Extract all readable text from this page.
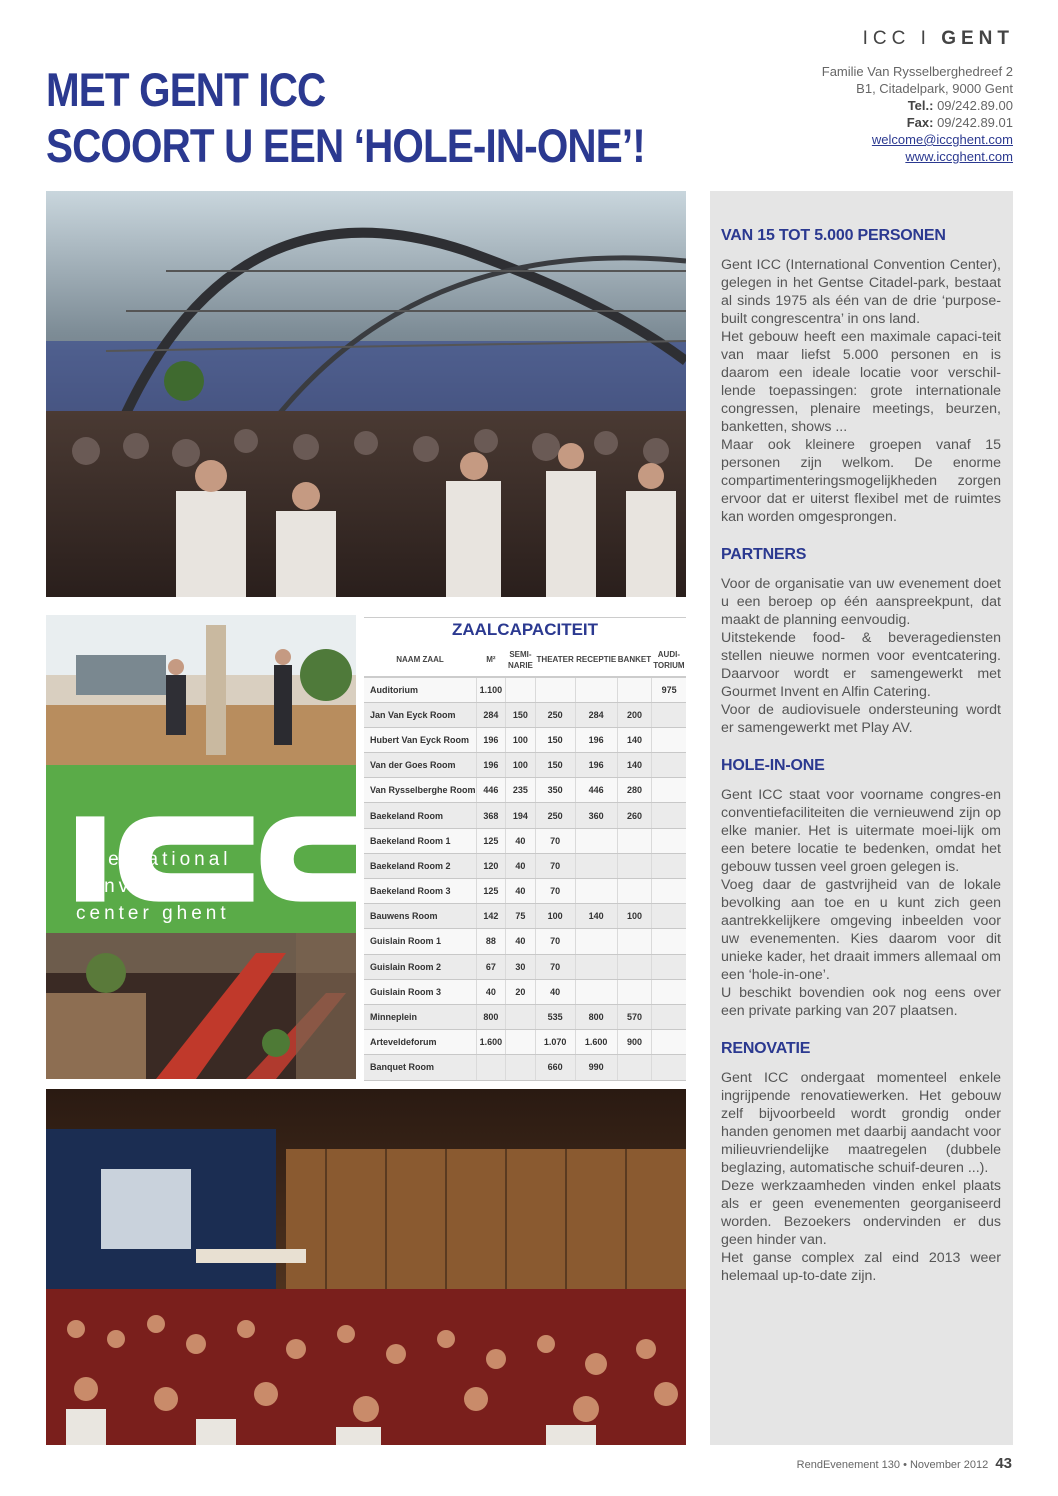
ICC I GENT
MET GENT ICC
SCOORT U EEN ‘HOLE-IN-ONE’!
Familie Van Rysselberghedreef 2
B1, Citadelpark, 9000 Gent
Tel.: 09/242.89.00
Fax: 09/242.89.01
welcome@iccghent.com
www.iccghent.com
international
convention
center ghent
ZAALCAPACITEIT
NAAM ZAAL	M²	SEMI-NARIE	THEATER	RECEPTIE	BANKET	AUDI-TORIUM
Auditorium	1.100					975
Jan Van Eyck Room	284	150	250	284	200	
Hubert Van Eyck Room	196	100	150	196	140	
Van der Goes Room	196	100	150	196	140	
Van Rysselberghe Room	446	235	350	446	280	
Baekeland Room	368	194	250	360	260	
Baekeland Room 1	125	40	70			
Baekeland Room 2	120	40	70			
Baekeland Room 3	125	40	70			
Bauwens Room	142	75	100	140	100	
Guislain Room 1	88	40	70			
Guislain Room 2	67	30	70			
Guislain Room 3	40	20	40			
Minneplein	800		535	800	570	
Arteveldeforum	1.600		1.070	1.600	900	
Banquet Room			660	990		
VAN 15 TOT 5.000 PERSONEN

Gent ICC (International Convention Center), gelegen in het Gentse Citadel-park, bestaat al sinds 1975 als één van de drie ‘purpose-built congrescentra’ in ons land.

Het gebouw heeft een maximale capaci-teit van maar liefst 5.000 personen en is daarom een ideale locatie voor verschil-lende toepassingen: grote internationale congressen, plenaire meetings, beurzen, banketten, shows ...

Maar ook kleinere groepen vanaf 15 personen zijn welkom. De enorme compartimenteringsmogelijkheden zorgen ervoor dat er uiterst flexibel met de ruimtes kan worden omgesprongen.

PARTNERS

Voor de organisatie van uw evenement doet u een beroep op één aanspreekpunt, dat maakt de planning eenvoudig.

Uitstekende food- & beveragediensten stellen nieuwe normen voor eventcatering. Daarvoor wordt er samengewerkt met Gourmet Invent en Alfin Catering.

Voor de audiovisuele ondersteuning wordt er samengewerkt met Play AV.

HOLE-IN-ONE

Gent ICC staat voor voorname congres-en conventiefaciliteiten die vernieuwend zijn op elke manier. Het is uitermate moei-lijk om een betere locatie te bedenken, omdat het gebouw tussen veel groen gelegen is.

Voeg daar de gastvrijheid van de lokale bevolking aan toe en u kunt zich geen aantrekkelijkere omgeving inbeelden voor uw evenementen. Kies daarom voor dit unieke kader, het draait immers allemaal om een ‘hole-in-one’.

U beschikt bovendien ook nog eens over een private parking van 207 plaatsen.

RENOVATIE

Gent ICC ondergaat momenteel enkele ingrijpende renovatiewerken. Het gebouw zelf bijvoorbeeld wordt grondig onder handen genomen met daarbij aandacht voor milieuvriendelijke maatregelen (dubbele beglazing, automatische schuif-deuren ...).

Deze werkzaamheden vinden enkel plaats als er geen evenementen georganiseerd worden. Bezoekers ondervinden er dus geen hinder van.

Het ganse complex zal eind 2013 weer helemaal up-to-date zijn.

RendEvenement 130 • November 2012 43
